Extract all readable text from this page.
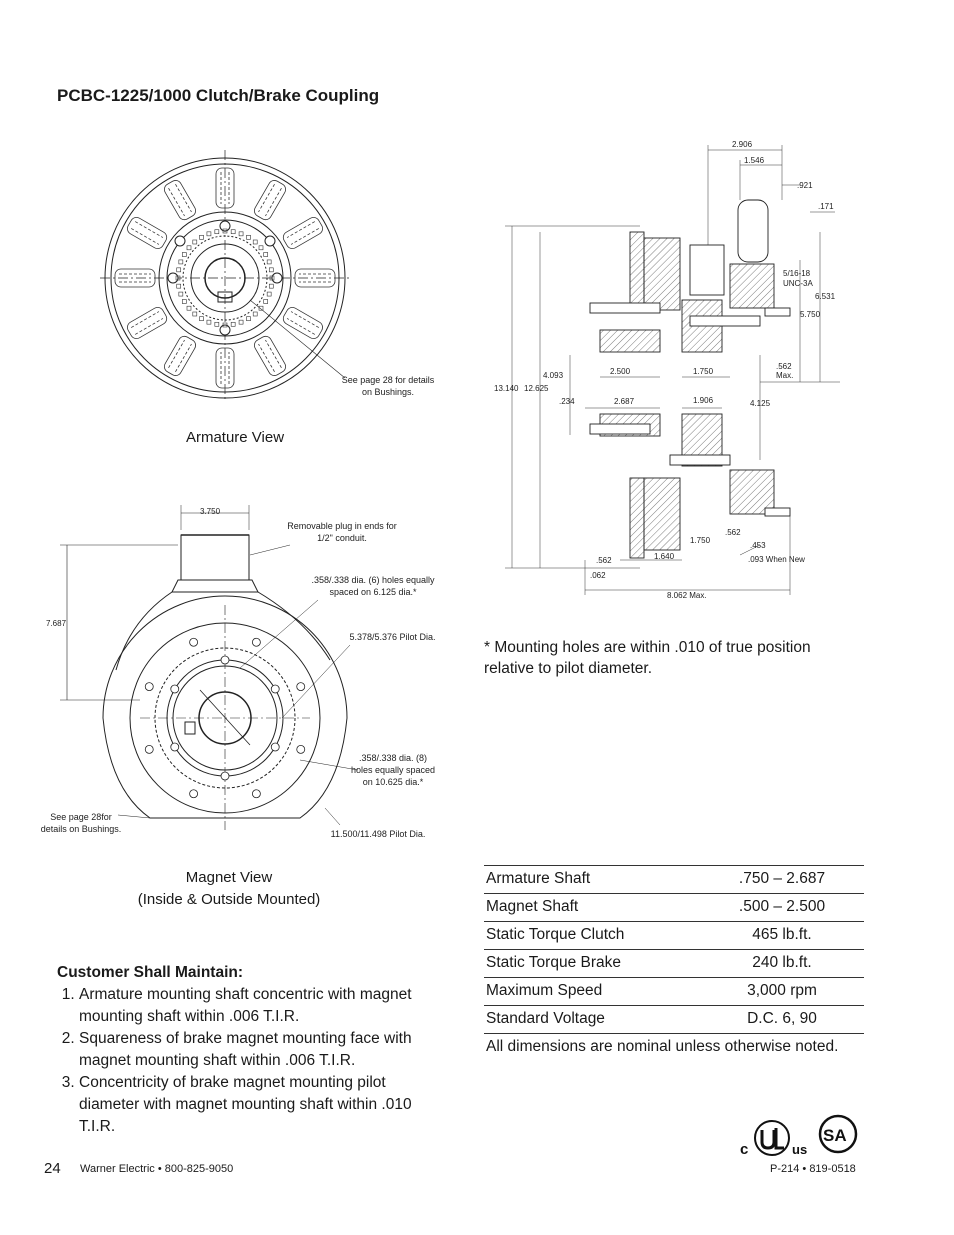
PCBC-1225/1000 Clutch/Brake Coupling
See page 28 for details on Bushings.
Armature View
3.750
7.687
Removable plug in ends for 1/2" conduit.
.358/.338 dia. (6) holes equally spaced on 6.125 dia.*
5.378/5.376 Pilot Dia.
.358/.338 dia. (8) holes equally spaced on 10.625 dia.*
11.500/11.498 Pilot Dia.
See page 28for details on Bushings.
Magnet View
(Inside & Outside Mounted)
2.906
1.546
.921
.171
5/16-18
UNC-3A
6.531
5.750
4.093
13.140 12.625
2.500	1.750
.562
Max.
.234	2.687	1.906	4.125
1.750
.562
.453
.093 When New
.562	1.640
.062
8.062 Max.
* Mounting holes are within .010 of true position relative to pilot diameter.
Customer Shall Maintain:
1. Armature mounting shaft concentric with magnet mounting shaft within .006 T.I.R.
2. Squareness of brake magnet mounting face with magnet mounting shaft within .006 T.I.R.
3. Concentricity of brake magnet mounting pilot diameter with magnet mounting shaft within .010 T.I.R.
Armature Shaft	.750 – 2.687
Magnet Shaft	.500 – 2.500
Static Torque Clutch	465 lb.ft.
Static Torque Brake	240 lb.ft.
Maximum Speed	3,000 rpm
Standard Voltage	D.C. 6, 90
All dimensions are nominal unless otherwise noted.
c	us
SA
24 Warner Electric • 800-825-9050	P-214 • 819-0518
